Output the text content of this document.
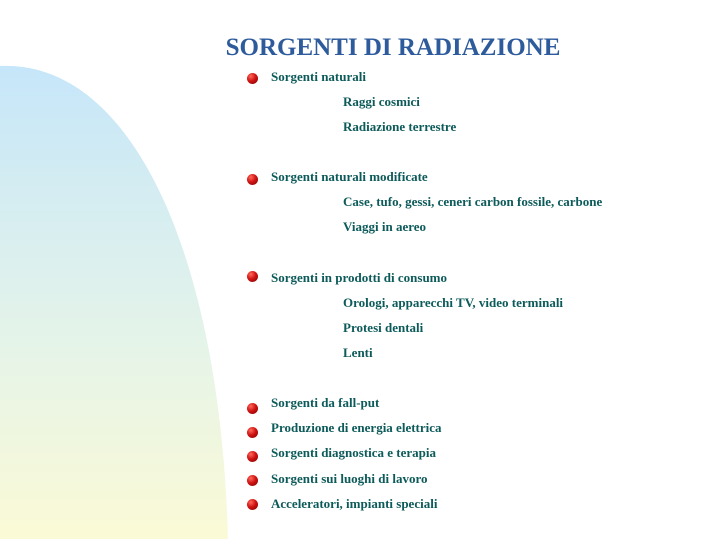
SORGENTI DI RADIAZIONE
Sorgenti naturali
Raggi cosmici
Radiazione terrestre
Sorgenti naturali modificate
Case, tufo, gessi, ceneri carbon fossile, carbone
Viaggi in aereo
Sorgenti in prodotti di consumo
Orologi, apparecchi TV, video terminali
Protesi dentali
Lenti
Sorgenti da fall-put
Produzione di energia elettrica
Sorgenti diagnostica e terapia
Sorgenti sui luoghi di lavoro
Acceleratori, impianti speciali
